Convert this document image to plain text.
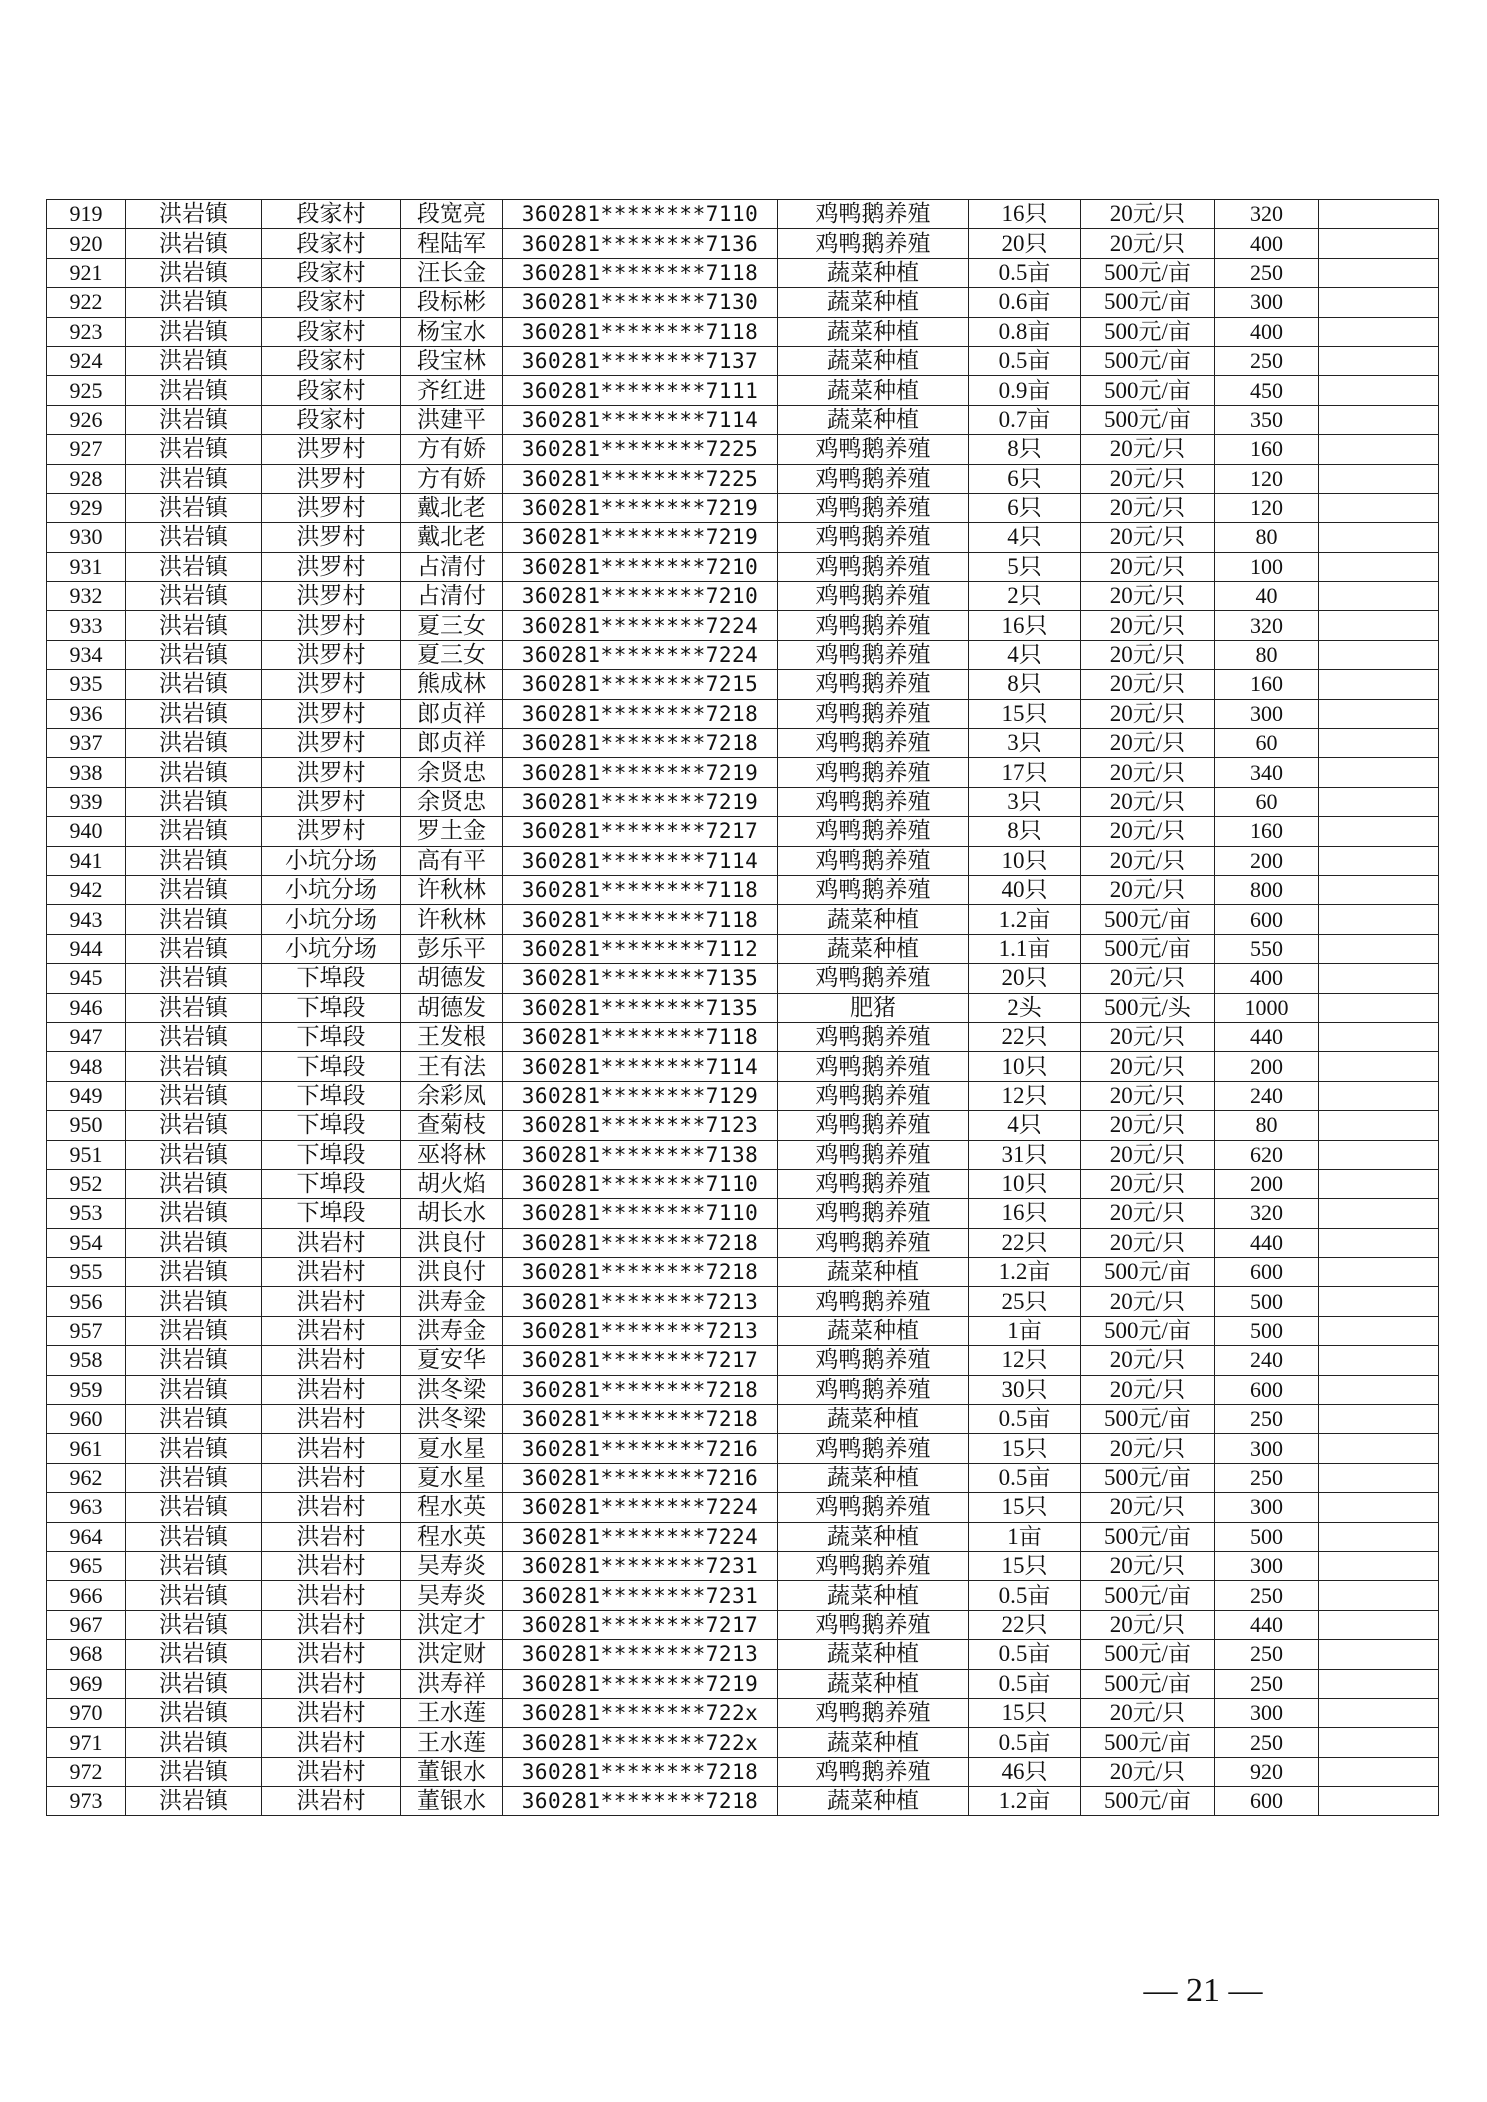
919	洪岩镇	段家村	段宽亮	360281********7110	鸡鸭鹅养殖	16只	20元/只	320	
920	洪岩镇	段家村	程陆军	360281********7136	鸡鸭鹅养殖	20只	20元/只	400	
921	洪岩镇	段家村	汪长金	360281********7118	蔬菜种植	0.5亩	500元/亩	250	
922	洪岩镇	段家村	段标彬	360281********7130	蔬菜种植	0.6亩	500元/亩	300	
923	洪岩镇	段家村	杨宝水	360281********7118	蔬菜种植	0.8亩	500元/亩	400	
924	洪岩镇	段家村	段宝林	360281********7137	蔬菜种植	0.5亩	500元/亩	250	
925	洪岩镇	段家村	齐红进	360281********7111	蔬菜种植	0.9亩	500元/亩	450	
926	洪岩镇	段家村	洪建平	360281********7114	蔬菜种植	0.7亩	500元/亩	350	
927	洪岩镇	洪罗村	方有娇	360281********7225	鸡鸭鹅养殖	8只	20元/只	160	
928	洪岩镇	洪罗村	方有娇	360281********7225	鸡鸭鹅养殖	6只	20元/只	120	
929	洪岩镇	洪罗村	戴北老	360281********7219	鸡鸭鹅养殖	6只	20元/只	120	
930	洪岩镇	洪罗村	戴北老	360281********7219	鸡鸭鹅养殖	4只	20元/只	80	
931	洪岩镇	洪罗村	占清付	360281********7210	鸡鸭鹅养殖	5只	20元/只	100	
932	洪岩镇	洪罗村	占清付	360281********7210	鸡鸭鹅养殖	2只	20元/只	40	
933	洪岩镇	洪罗村	夏三女	360281********7224	鸡鸭鹅养殖	16只	20元/只	320	
934	洪岩镇	洪罗村	夏三女	360281********7224	鸡鸭鹅养殖	4只	20元/只	80	
935	洪岩镇	洪罗村	熊成林	360281********7215	鸡鸭鹅养殖	8只	20元/只	160	
936	洪岩镇	洪罗村	郎贞祥	360281********7218	鸡鸭鹅养殖	15只	20元/只	300	
937	洪岩镇	洪罗村	郎贞祥	360281********7218	鸡鸭鹅养殖	3只	20元/只	60	
938	洪岩镇	洪罗村	余贤忠	360281********7219	鸡鸭鹅养殖	17只	20元/只	340	
939	洪岩镇	洪罗村	余贤忠	360281********7219	鸡鸭鹅养殖	3只	20元/只	60	
940	洪岩镇	洪罗村	罗土金	360281********7217	鸡鸭鹅养殖	8只	20元/只	160	
941	洪岩镇	小坑分场	高有平	360281********7114	鸡鸭鹅养殖	10只	20元/只	200	
942	洪岩镇	小坑分场	许秋林	360281********7118	鸡鸭鹅养殖	40只	20元/只	800	
943	洪岩镇	小坑分场	许秋林	360281********7118	蔬菜种植	1.2亩	500元/亩	600	
944	洪岩镇	小坑分场	彭乐平	360281********7112	蔬菜种植	1.1亩	500元/亩	550	
945	洪岩镇	下埠段	胡德发	360281********7135	鸡鸭鹅养殖	20只	20元/只	400	
946	洪岩镇	下埠段	胡德发	360281********7135	肥猪	2头	500元/头	1000	
947	洪岩镇	下埠段	王发根	360281********7118	鸡鸭鹅养殖	22只	20元/只	440	
948	洪岩镇	下埠段	王有法	360281********7114	鸡鸭鹅养殖	10只	20元/只	200	
949	洪岩镇	下埠段	余彩凤	360281********7129	鸡鸭鹅养殖	12只	20元/只	240	
950	洪岩镇	下埠段	查菊枝	360281********7123	鸡鸭鹅养殖	4只	20元/只	80	
951	洪岩镇	下埠段	巫将林	360281********7138	鸡鸭鹅养殖	31只	20元/只	620	
952	洪岩镇	下埠段	胡火焰	360281********7110	鸡鸭鹅养殖	10只	20元/只	200	
953	洪岩镇	下埠段	胡长水	360281********7110	鸡鸭鹅养殖	16只	20元/只	320	
954	洪岩镇	洪岩村	洪良付	360281********7218	鸡鸭鹅养殖	22只	20元/只	440	
955	洪岩镇	洪岩村	洪良付	360281********7218	蔬菜种植	1.2亩	500元/亩	600	
956	洪岩镇	洪岩村	洪寿金	360281********7213	鸡鸭鹅养殖	25只	20元/只	500	
957	洪岩镇	洪岩村	洪寿金	360281********7213	蔬菜种植	1亩	500元/亩	500	
958	洪岩镇	洪岩村	夏安华	360281********7217	鸡鸭鹅养殖	12只	20元/只	240	
959	洪岩镇	洪岩村	洪冬梁	360281********7218	鸡鸭鹅养殖	30只	20元/只	600	
960	洪岩镇	洪岩村	洪冬梁	360281********7218	蔬菜种植	0.5亩	500元/亩	250	
961	洪岩镇	洪岩村	夏水星	360281********7216	鸡鸭鹅养殖	15只	20元/只	300	
962	洪岩镇	洪岩村	夏水星	360281********7216	蔬菜种植	0.5亩	500元/亩	250	
963	洪岩镇	洪岩村	程水英	360281********7224	鸡鸭鹅养殖	15只	20元/只	300	
964	洪岩镇	洪岩村	程水英	360281********7224	蔬菜种植	1亩	500元/亩	500	
965	洪岩镇	洪岩村	吴寿炎	360281********7231	鸡鸭鹅养殖	15只	20元/只	300	
966	洪岩镇	洪岩村	吴寿炎	360281********7231	蔬菜种植	0.5亩	500元/亩	250	
967	洪岩镇	洪岩村	洪定才	360281********7217	鸡鸭鹅养殖	22只	20元/只	440	
968	洪岩镇	洪岩村	洪定财	360281********7213	蔬菜种植	0.5亩	500元/亩	250	
969	洪岩镇	洪岩村	洪寿祥	360281********7219	蔬菜种植	0.5亩	500元/亩	250	
970	洪岩镇	洪岩村	王水莲	360281********722x	鸡鸭鹅养殖	15只	20元/只	300	
971	洪岩镇	洪岩村	王水莲	360281********722x	蔬菜种植	0.5亩	500元/亩	250	
972	洪岩镇	洪岩村	董银水	360281********7218	鸡鸭鹅养殖	46只	20元/只	920	
973	洪岩镇	洪岩村	董银水	360281********7218	蔬菜种植	1.2亩	500元/亩	600	
— 21 —
